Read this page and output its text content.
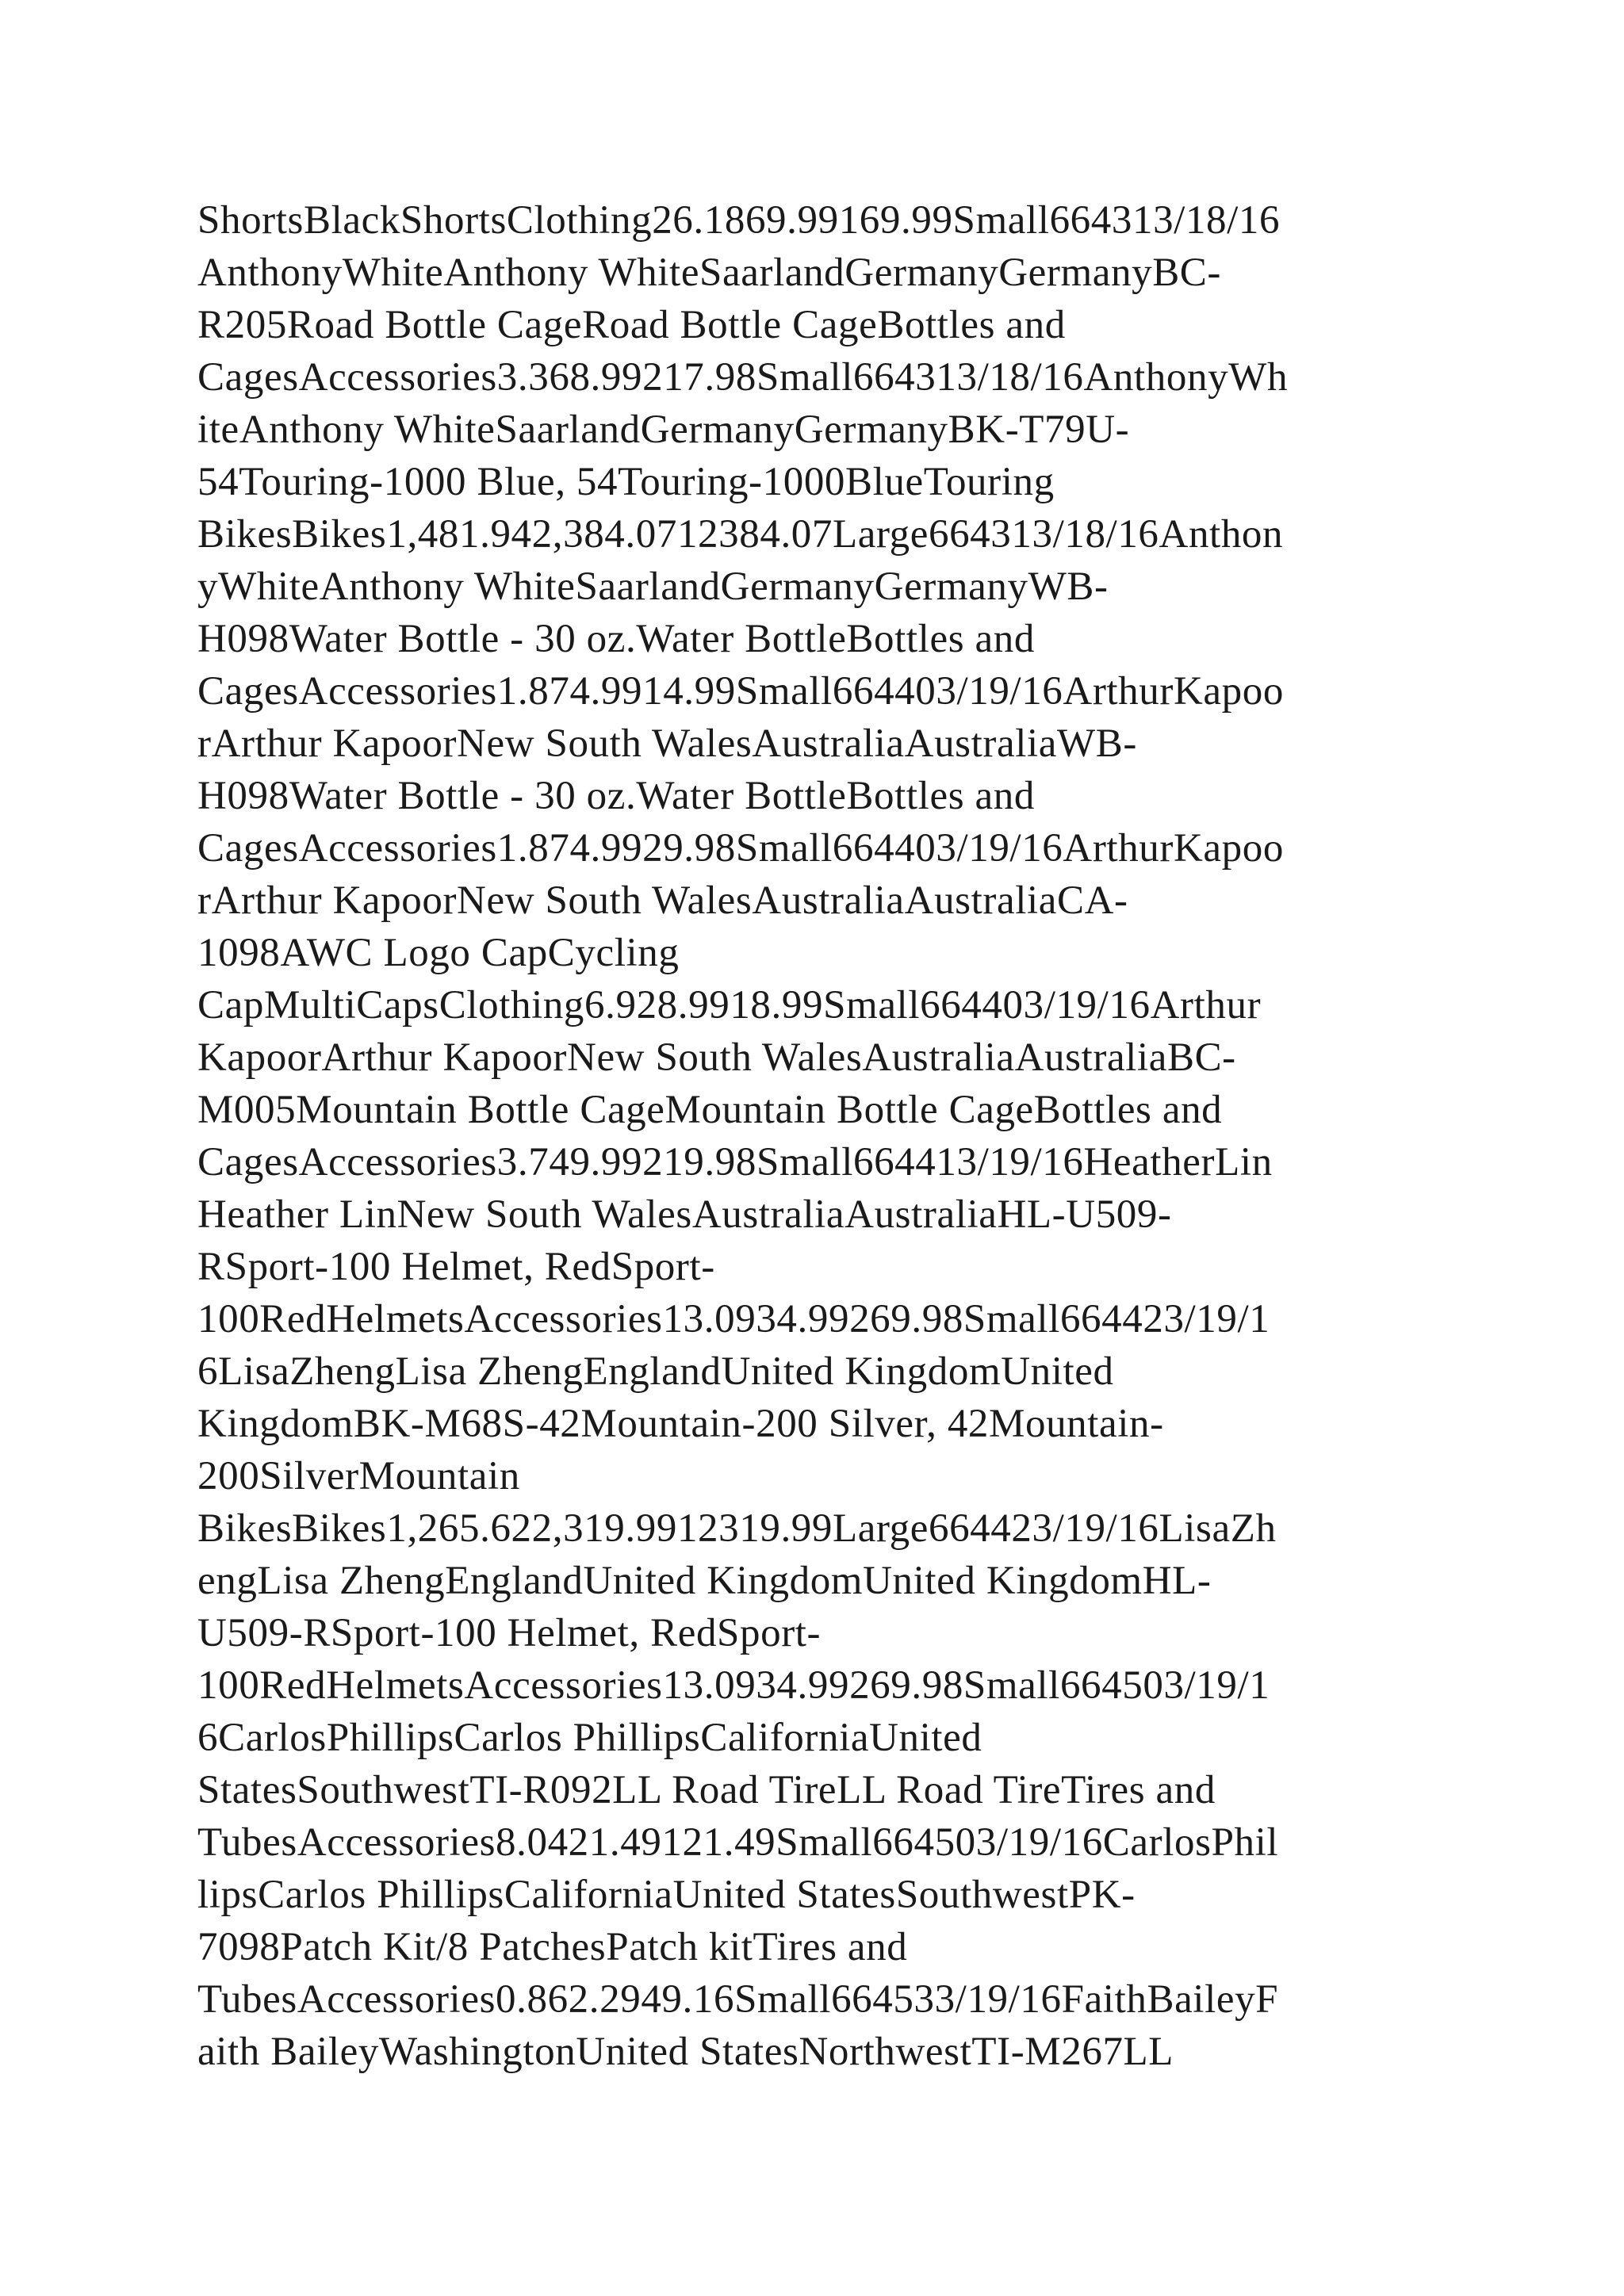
ShortsBlackShortsClothing26.1869.99169.99Small664313/18/16
AnthonyWhiteAnthony WhiteSaarlandGermanyGermanyBC-
R205Road Bottle CageRoad Bottle CageBottles and
CagesAccessories3.368.99217.98Small664313/18/16AnthonyWh
iteAnthony WhiteSaarlandGermanyGermanyBK-T79U-
54Touring-1000 Blue, 54Touring-1000BlueTouring
BikesBikes1,481.942,384.0712384.07Large664313/18/16Anthon
yWhiteAnthony WhiteSaarlandGermanyGermanyWB-
H098Water Bottle - 30 oz.Water BottleBottles and
CagesAccessories1.874.9914.99Small664403/19/16ArthurKapoo
rArthur KapoorNew South WalesAustraliaAustraliaWB-
H098Water Bottle - 30 oz.Water BottleBottles and
CagesAccessories1.874.9929.98Small664403/19/16ArthurKapoo
rArthur KapoorNew South WalesAustraliaAustraliaCA-
1098AWC Logo CapCycling
CapMultiCapsClothing6.928.9918.99Small664403/19/16Arthur
KapoorArthur KapoorNew South WalesAustraliaAustraliaBC-
M005Mountain Bottle CageMountain Bottle CageBottles and
CagesAccessories3.749.99219.98Small664413/19/16HeatherLin
Heather LinNew South WalesAustraliaAustraliaHL-U509-
RSport-100 Helmet, RedSport-
100RedHelmetsAccessories13.0934.99269.98Small664423/19/1
6LisaZhengLisa ZhengEnglandUnited KingdomUnited
KingdomBK-M68S-42Mountain-200 Silver, 42Mountain-
200SilverMountain
BikesBikes1,265.622,319.9912319.99Large664423/19/16LisaZh
engLisa ZhengEnglandUnited KingdomUnited KingdomHL-
U509-RSport-100 Helmet, RedSport-
100RedHelmetsAccessories13.0934.99269.98Small664503/19/1
6CarlosPhillipsCarlos PhillipsCaliforniaUnited
StatesSouthwestTI-R092LL Road TireLL Road TireTires and
TubesAccessories8.0421.49121.49Small664503/19/16CarlosPhil
lipsCarlos PhillipsCaliforniaUnited StatesSouthwestPK-
7098Patch Kit/8 PatchesPatch kitTires and
TubesAccessories0.862.2949.16Small664533/19/16FaithBaileyF
aith BaileyWashingtonUnited StatesNorthwestTI-M267LL
